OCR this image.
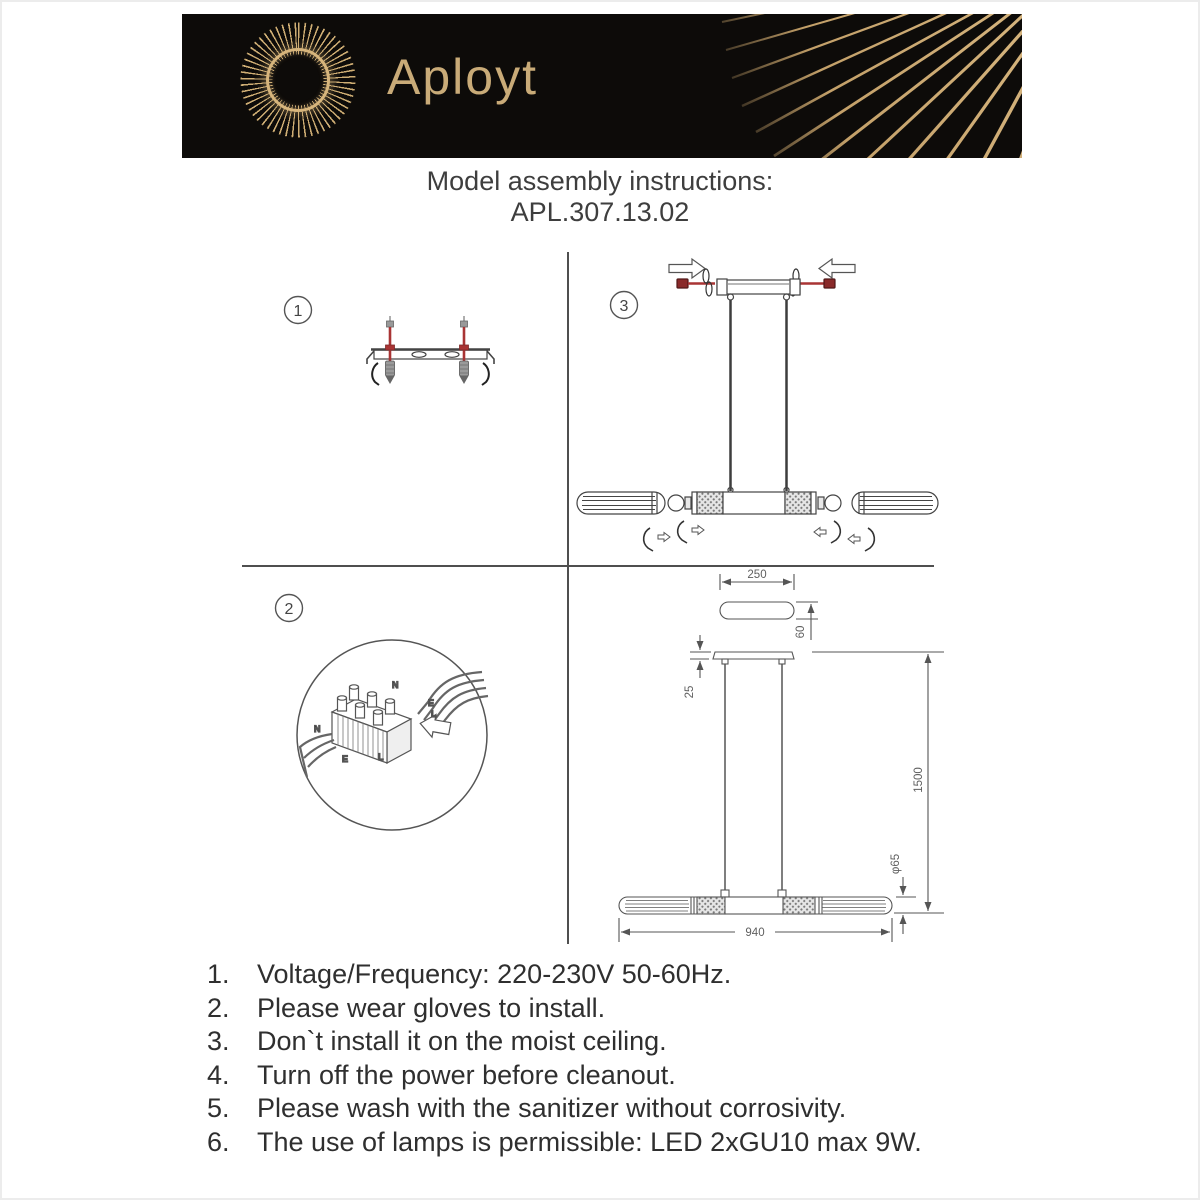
Aployt
Model assembly instructions:
APL.307.13.02
1	3
2
N
E
L
N
E	L
250
60
25
1500
940
φ65
1.	Voltage/Frequency: 220-230V 50-60Hz.
2.	Please wear gloves to install.
3.	Don`t install it on the moist ceiling.
4.	Turn off the power before cleanout.
5.	Please wash with the sanitizer without corrosivity.
6.	The use of lamps is permissible: LED 2xGU10 max 9W.
